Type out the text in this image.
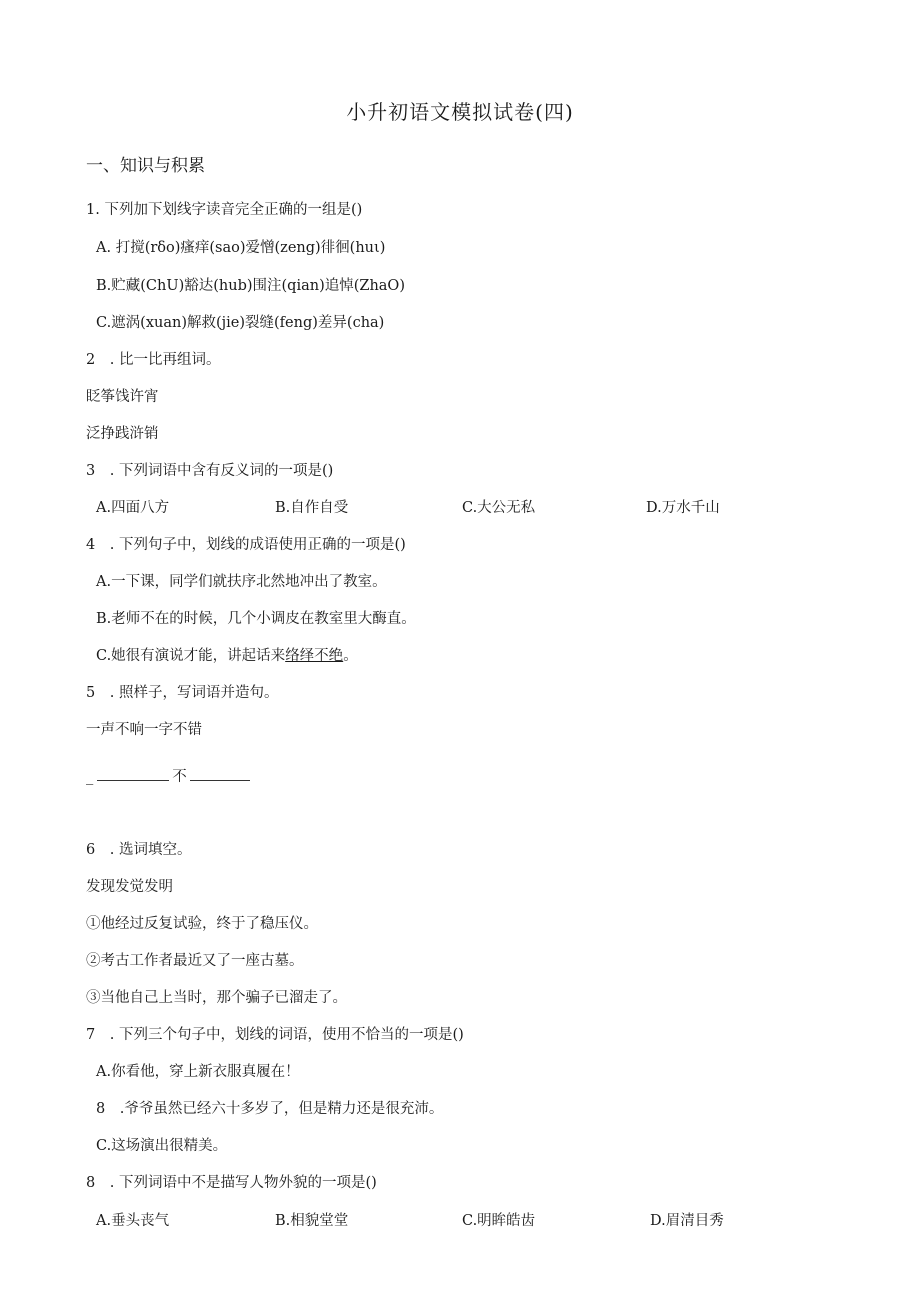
小升初语文模拟试卷(四)
一、知识与积累
1. 下列加下划线字读音完全正确的一组是()
A. 打搅(rδo)瘙痒(sao)爱憎(zeng)徘徊(huι)
B.贮藏(ChU)豁达(hub)围注(qian)追悼(ZhaO)
C.遮涡(xuan)解救(jie)裂缝(feng)差异(cha)
2　. 比一比再组词。
眨筝饯许宵
泛挣践浒销
3　. 下列词语中含有反义词的一项是()
A.四面八方	B.自作自受	C.大公无私	D.万水千山
4　. 下列句子中，划线的成语使用正确的一项是()
A.一下课，同学们就扶序北然地冲出了教室。
B.老师不在的时候，几个小调皮在教室里大酶直。
C.她很有演说才能，讲起话来络绎不绝。
5　. 照样子，写词语并造句。
一声不响一字不错
_	不
6　. 选词填空。
发现发觉发明
①他经过反复试验，终于了稳压仪。
②考古工作者最近又了一座古墓。
③当他自己上当时，那个骗子已溜走了。
7　. 下列三个句子中，划线的词语，使用不恰当的一项是()
A.你看他，穿上新衣服真履在！
8　.爷爷虽然已经六十多岁了，但是精力还是很充沛。
C.这场演出很精美。
8　. 下列词语中不是描写人物外貌的一项是()
A.垂头丧气	B.相貌堂堂	C.明眸皓齿	D.眉清目秀
